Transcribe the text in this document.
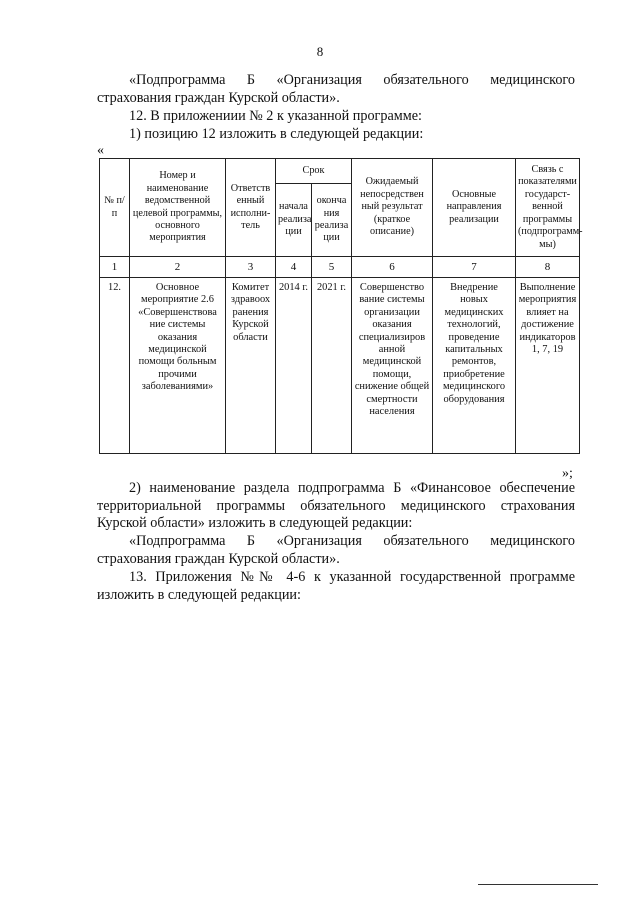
8

«Подпрограмма Б «Организация обязательного медицинского страхования граждан Курской области».

12. В приложениии № 2 к указанной программе:

1) позицию 12 изложить в следующей редакции:

«
№ п/п	Номер и наименование ведомственной целевой программы, основного мероприятия	Ответств енный исполни- тель	Срок		Ожидаемый непосредствен ный результат (краткое описание)	Основные направления реализации	Связь с показателями государст- венной программы (подпрограмм- мы)
			начала реализа ции	оконча ния реализа ции			
1	2	3	4	5	6	7	8
12.	Основное мероприятие 2.6 «Совершенствова ние системы оказания медицинской помощи больным прочими заболеваниями»	Комитет здравоох ранения Курской области	2014 г.	2021 г.	Совершенство вание системы организации оказания специализиров анной медицинской помощи, снижение общей смертности населения	Внедрение новых медицинских технологий, проведение капитальных ремонтов, приобретение медицинского оборудования	Выполнение мероприятия влияет на достижение индикаторов 1, 7, 19
»;

2) наименование раздела подпрограмма Б «Финансовое обеспечение территориальной программы обязательного медицинского страхования Курской области» изложить в следующей редакции:

«Подпрограмма Б «Организация обязательного медицинского страхования граждан Курской области».

13. Приложения №№ 4-6 к указанной государственной программе изложить в следующей редакции:
